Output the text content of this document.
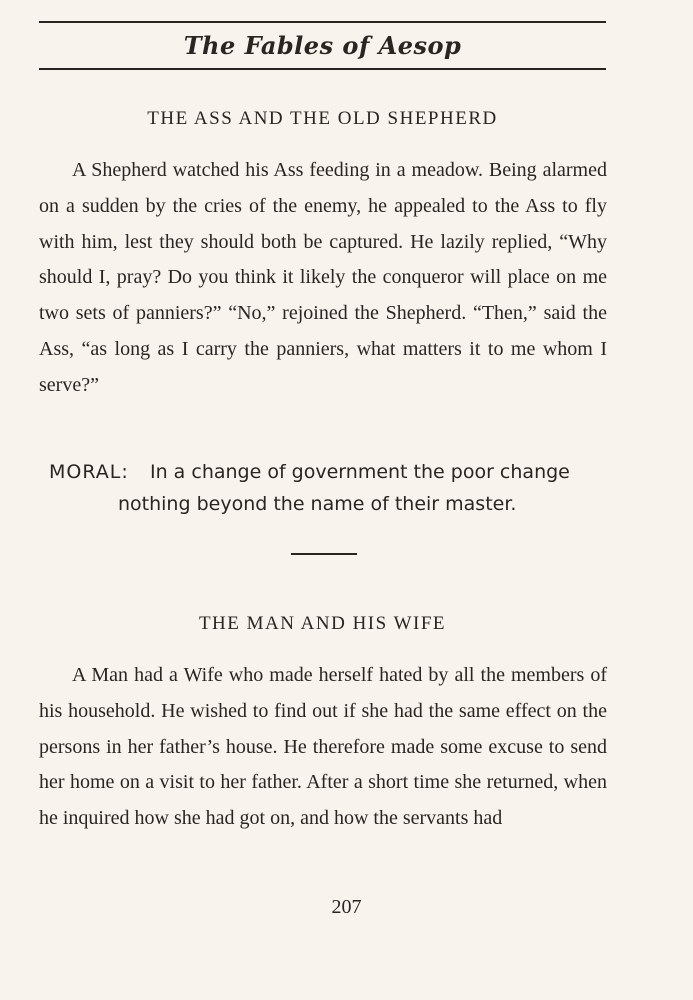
The Fables of Aesop
THE ASS AND THE OLD SHEPHERD

A Shepherd watched his Ass feeding in a meadow. Being alarmed on a sudden by the cries of the enemy, he appealed to the Ass to fly with him, lest they should both be captured. He lazily replied, “Why should I, pray? Do you think it likely the conqueror will place on me two sets of panniers?” “No,” rejoined the Shepherd. “Then,” said the Ass, “as long as I carry the panniers, what matters it to me whom I serve?”

MORAL: In a change of government the poor change
nothing beyond the name of their master.
THE MAN AND HIS WIFE

A Man had a Wife who made herself hated by all the members of his household. He wished to find out if she had the same effect on the persons in her father’s house. He therefore made some excuse to send her home on a visit to her father. After a short time she returned, when he inquired how she had got on, and how the servants had

207
